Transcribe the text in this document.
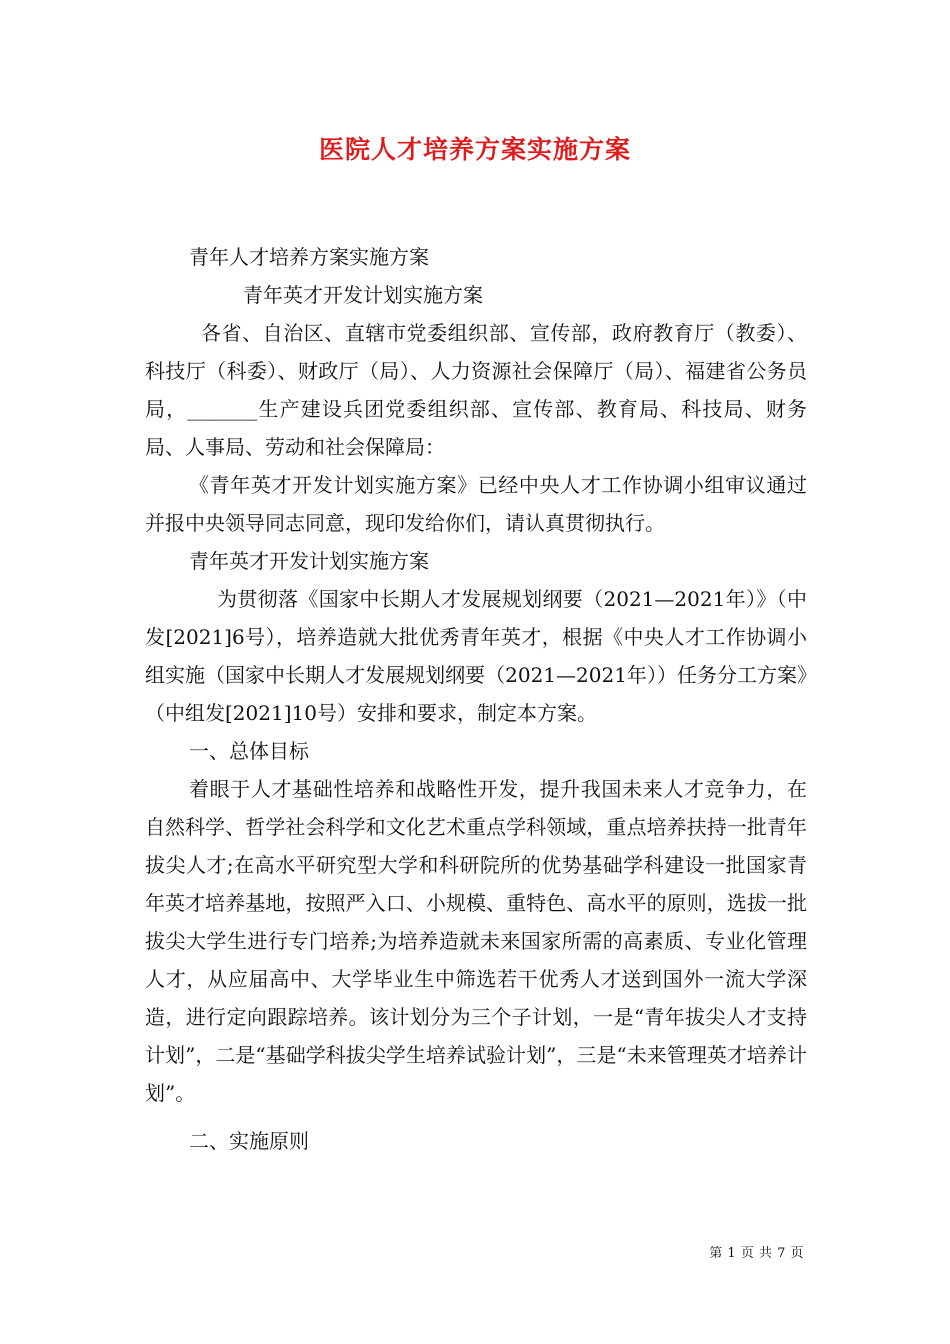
医院人才培养方案实施方案

青年人才培养方案实施方案

青年英才开发计划实施方案

各省、自治区、直辖市党委组织部、宣传部，政府教育厅（教委）、科技厅（科委）、财政厅（局）、人力资源社会保障厅（局）、福建省公务员局，_______生产建设兵团党委组织部、宣传部、教育局、科技局、财务局、人事局、劳动和社会保障局：

《青年英才开发计划实施方案》已经中央人才工作协调小组审议通过并报中央领导同志同意，现印发给你们，请认真贯彻执行。

青年英才开发计划实施方案

为贯彻落《国家中长期人才发展规划纲要（2021—2021年）》（中发[2021]6号），培养造就大批优秀青年英才，根据《中央人才工作协调小组实施（国家中长期人才发展规划纲要（2021—2021年））任务分工方案》（中组发[2021]10号）安排和要求，制定本方案。

一、总体目标

着眼于人才基础性培养和战略性开发，提升我国未来人才竞争力，在自然科学、哲学社会科学和文化艺术重点学科领域，重点培养扶持一批青年拔尖人才;在高水平研究型大学和科研院所的优势基础学科建设一批国家青年英才培养基地，按照严入口、小规模、重特色、高水平的原则，选拔一批拔尖大学生进行专门培养;为培养造就未来国家所需的高素质、专业化管理人才，从应届高中、大学毕业生中筛选若干优秀人才送到国外一流大学深造，进行定向跟踪培养。该计划分为三个子计划，一是“青年拔尖人才支持计划”，二是“基础学科拔尖学生培养试验计划”，三是“未来管理英才培养计划”。

二、实施原则

第 1 页 共 7 页
